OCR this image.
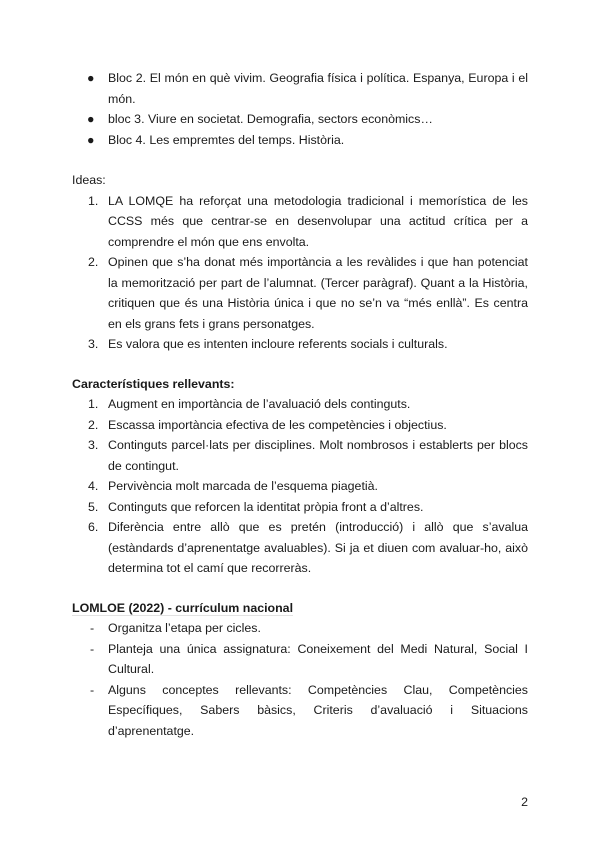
●	Bloc 2. El món en què vivim. Geografia física i política. Espanya, Europa i el món.
●	bloc 3. Viure en societat. Demografia, sectors econòmics…
●	Bloc 4. Les empremtes del temps. Història.

Ideas:

1. LA LOMQE ha reforçat una metodologia tradicional i memorística de les CCSS més que centrar-se en desenvolupar una actitud crítica per a comprendre el món que ens envolta.
2. Opinen que s’ha donat més importància a les revàlides i que han potenciat la memorització per part de l’alumnat. (Tercer paràgraf). Quant a la Història, critiquen que és una Història única i que no se’n va “més enllà”. Es centra en els grans fets i grans personatges.
3. Es valora que es intenten incloure referents socials i culturals.

Característiques rellevants:

1. Augment en importància de l’avaluació dels continguts.
2. Escassa importància efectiva de les competències i objectius.
3. Continguts parcel·lats per disciplines. Molt nombrosos i establerts per blocs de contingut.
4. Pervivència molt marcada de l’esquema piagetià.
5. Continguts que reforcen la identitat pròpia front a d’altres.
6. Diferència entre allò que es pretén (introducció) i allò que s’avalua (estàndards d’aprenentatge avaluables). Si ja et diuen com avaluar-ho, això determina tot el camí que recorreràs.

LOMLOE (2022) - currículum nacional

- Organitza l’etapa per cicles.
- Planteja una única assignatura: Coneixement del Medi Natural, Social I Cultural.
- Alguns conceptes rellevants: Competències Clau, Competències Específiques, Sabers bàsics, Criteris d’avaluació i Situacions d’aprenentatge.
2
